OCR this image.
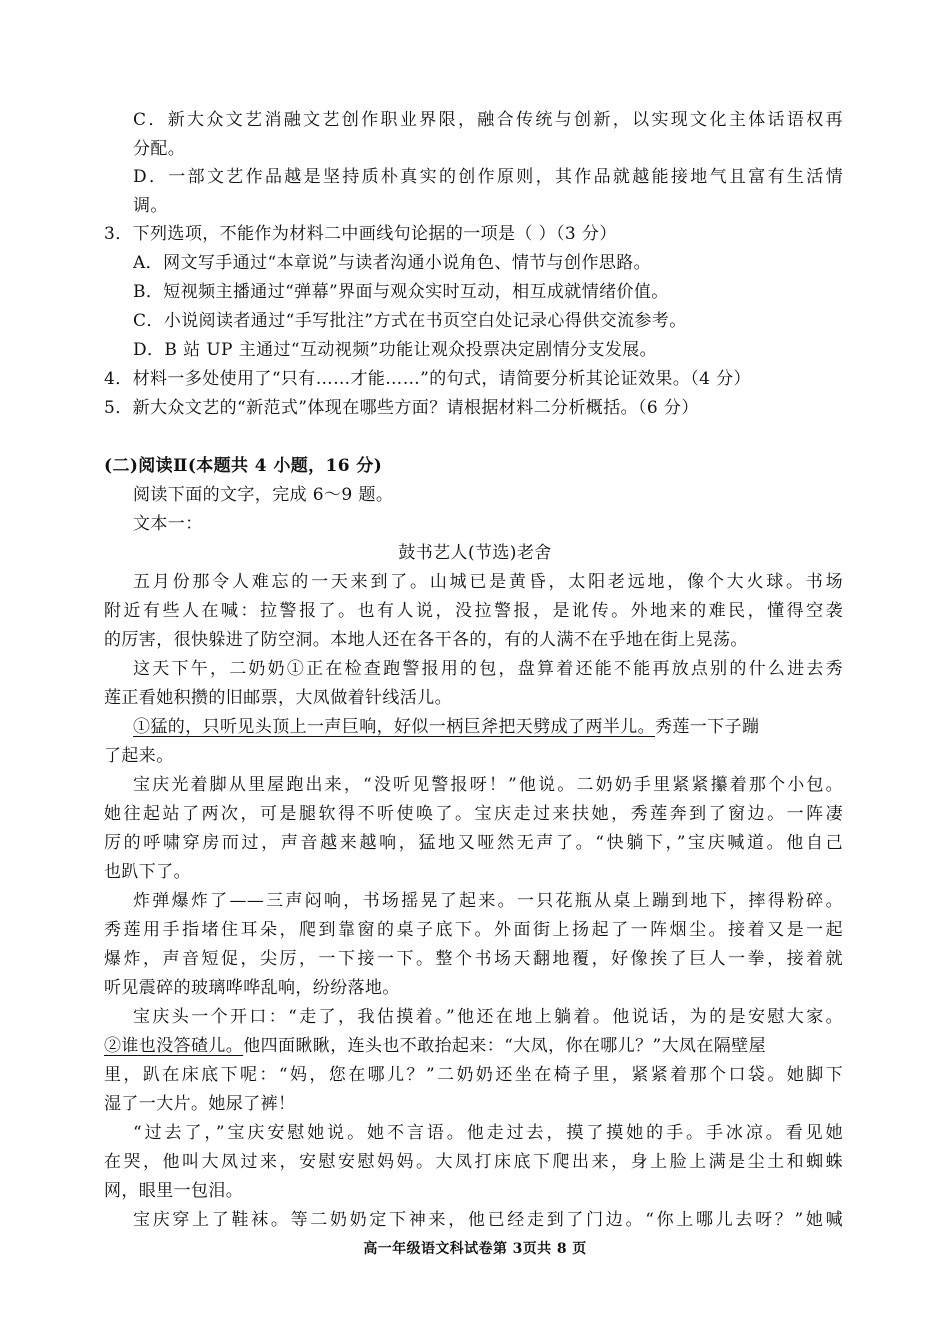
C．新大众文艺消融文艺创作职业界限，融合传统与创新，以实现文化主体话语权再
分配。
D．一部文艺作品越是坚持质朴真实的创作原则，其作品就越能接地气且富有生活情
调。
3．下列选项，不能作为材料二中画线句论据的一项是（ ）（3 分）
A．网文写手通过“本章说”与读者沟通小说角色、情节与创作思路。
B．短视频主播通过“弹幕”界面与观众实时互动，相互成就情绪价值。
C．小说阅读者通过“手写批注”方式在书页空白处记录心得供交流参考。
D．B 站 UP 主通过“互动视频”功能让观众投票决定剧情分支发展。
4．材料一多处使用了“只有……才能……”的句式，请简要分析其论证效果。（4 分）
5．新大众文艺的“新范式”体现在哪些方面？请根据材料二分析概括。（6 分）
(二)阅读Ⅱ(本题共 4 小题，16 分)
阅读下面的文字，完成 6～9 题。
文本一：
鼓书艺人(节选)老舍
五月份那令人难忘的一天来到了。山城已是黄昏，太阳老远地，像个大火球。书场
附近有些人在喊：拉警报了。也有人说，没拉警报，是讹传。外地来的难民，懂得空袭
的厉害，很快躲进了防空洞。本地人还在各干各的，有的人满不在乎地在街上晃荡。
这天下午，二奶奶①正在检查跑警报用的包，盘算着还能不能再放点别的什么进去秀
莲正看她积攒的旧邮票，大凤做着针线活儿。
①猛的，只听见头顶上一声巨响，好似一柄巨斧把天劈成了两半儿。秀莲一下子蹦
了起来。
宝庆光着脚从里屋跑出来，“没听见警报呀！”他说。二奶奶手里紧紧攥着那个小包。
她往起站了两次，可是腿软得不听使唤了。宝庆走过来扶她，秀莲奔到了窗边。一阵凄
厉的呼啸穿房而过，声音越来越响，猛地又哑然无声了。“快躺下，”宝庆喊道。他自己
也趴下了。
炸弹爆炸了——三声闷响，书场摇晃了起来。一只花瓶从桌上蹦到地下，摔得粉碎。
秀莲用手指堵住耳朵，爬到靠窗的桌子底下。外面街上扬起了一阵烟尘。接着又是一起
爆炸，声音短促，尖厉，一下接一下。整个书场天翻地覆，好像挨了巨人一拳，接着就
听见震碎的玻璃哗哗乱响，纷纷落地。
宝庆头一个开口：“走了，我估摸着。”他还在地上躺着。他说话，为的是安慰大家。
②谁也没答碴儿。他四面瞅瞅，连头也不敢抬起来：“大凤，你在哪儿？”大凤在隔壁屋
里，趴在床底下呢：“妈，您在哪儿？”二奶奶还坐在椅子里，紧紧着那个口袋。她脚下
湿了一大片。她尿了裤！
“过去了，”宝庆安慰她说。她不言语。他走过去，摸了摸她的手。手冰凉。看见她
在哭，他叫大凤过来，安慰安慰妈妈。大凤打床底下爬出来，身上脸上满是尘土和蜘蛛
网，眼里一包泪。
宝庆穿上了鞋袜。等二奶奶定下神来，他已经走到了门边。“你上哪儿去呀？”她喊
高一年级语文科试卷第 3页共 8 页
